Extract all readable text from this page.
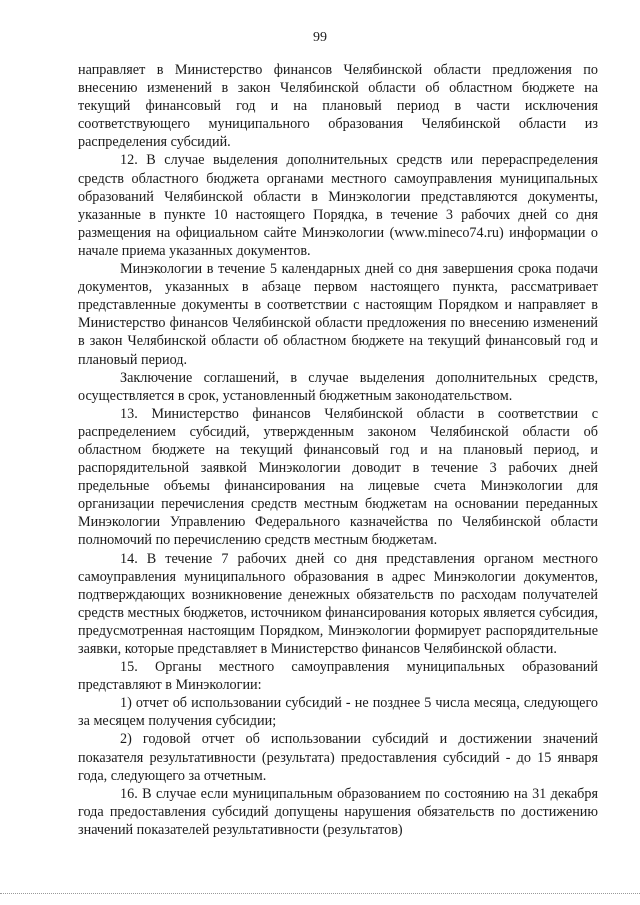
99

направляет в Министерство финансов Челябинской области предложения по внесению изменений в закон Челябинской области об областном бюджете на текущий финансовый год и на плановый период в части исключения соответствующего муниципального образования Челябинской области из распределения субсидий.

12. В случае выделения дополнительных средств или перераспределения средств областного бюджета органами местного самоуправления муниципальных образований Челябинской области в Минэкологии представляются документы, указанные в пункте 10 настоящего Порядка, в течение 3 рабочих дней со дня размещения на официальном сайте Минэкологии (www.mineco74.ru) информации о начале приема указанных документов.

Минэкологии в течение 5 календарных дней со дня завершения срока подачи документов, указанных в абзаце первом настоящего пункта, рассматривает представленные документы в соответствии с настоящим Порядком и направляет в Министерство финансов Челябинской области предложения по внесению изменений в закон Челябинской области об областном бюджете на текущий финансовый год и плановый период.

Заключение соглашений, в случае выделения дополнительных средств, осуществляется в срок, установленный бюджетным законодательством.

13. Министерство финансов Челябинской области в соответствии с распределением субсидий, утвержденным законом Челябинской области об областном бюджете на текущий финансовый год и на плановый период, и распорядительной заявкой Минэкологии доводит в течение 3 рабочих дней предельные объемы финансирования на лицевые счета Минэкологии для организации перечисления средств местным бюджетам на основании переданных Минэкологии Управлению Федерального казначейства по Челябинской области полномочий по перечислению средств местным бюджетам.

14. В течение 7 рабочих дней со дня представления органом местного самоуправления муниципального образования в адрес Минэкологии документов, подтверждающих возникновение денежных обязательств по расходам получателей средств местных бюджетов, источником финансирования которых является субсидия, предусмотренная настоящим Порядком, Минэкологии формирует распорядительные заявки, которые представляет в Министерство финансов Челябинской области.

15. Органы местного самоуправления муниципальных образований представляют в Минэкологии:

1) отчет об использовании субсидий - не позднее 5 числа месяца, следующего за месяцем получения субсидии;

2) годовой отчет об использовании субсидий и достижении значений показателя результативности (результата) предоставления субсидий - до 15 января года, следующего за отчетным.

16. В случае если муниципальным образованием по состоянию на 31 декабря года предоставления субсидий допущены нарушения обязательств по достижению значений показателей результативности (результатов)
